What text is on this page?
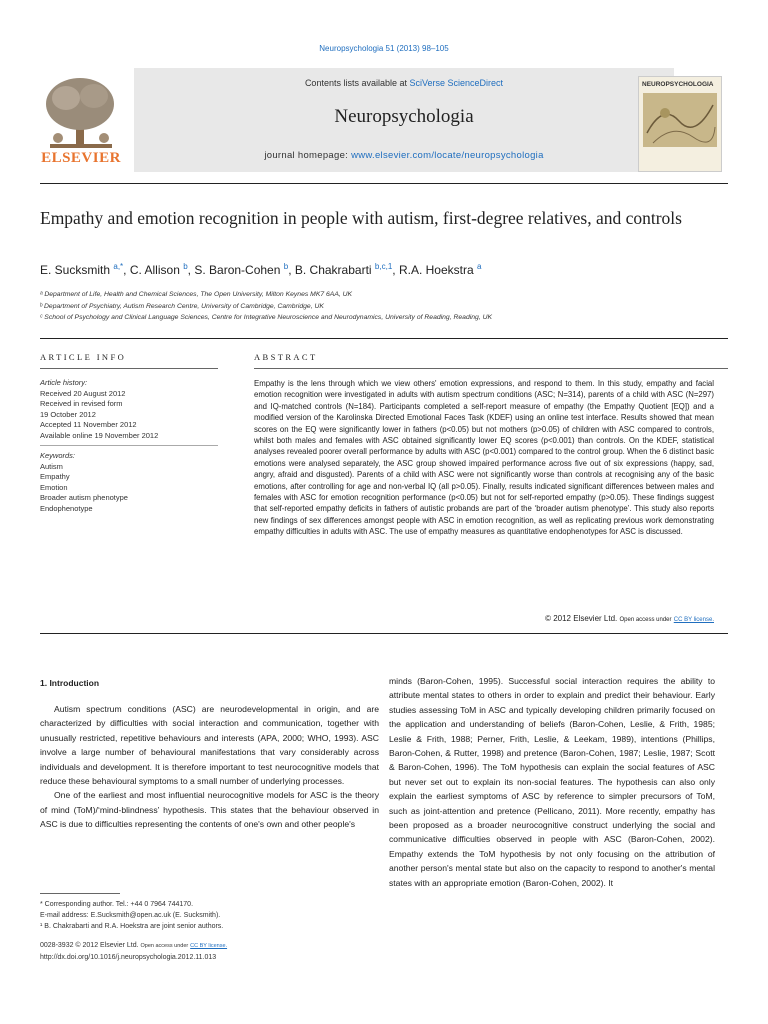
Neuropsychologia 51 (2013) 98–105
ELSEVIER
Contents lists available at SciVerse ScienceDirect
Neuropsychologia
journal homepage: www.elsevier.com/locate/neuropsychologia
NEUROPSYCHOLOGIA
Empathy and emotion recognition in people with autism, first-degree relatives, and controls
E. Sucksmith $^{a,*}$, C. Allison $^b$, S. Baron-Cohen $^b$, B. Chakrabarti $^{b,c,1}$, R.A. Hoekstra $^a$
ᵃ Department of Life, Health and Chemical Sciences, The Open University, Milton Keynes MK7 6AA, UK
ᵇ Department of Psychiatry, Autism Research Centre, University of Cambridge, Cambridge, UK
ᶜ School of Psychology and Clinical Language Sciences, Centre for Integrative Neuroscience and Neurodynamics, University of Reading, Reading, UK
ARTICLE INFO	ABSTRACT
Article history:
Received 20 August 2012
Received in revised form
19 October 2012
Accepted 11 November 2012
Available online 19 November 2012
Keywords:
Autism
Empathy
Emotion
Broader autism phenotype
Endophenotype
Empathy is the lens through which we view others' emotion expressions, and respond to them. In this study, empathy and facial emotion recognition were investigated in adults with autism spectrum conditions (ASC; N=314), parents of a child with ASC (N=297) and IQ-matched controls (N=184). Participants completed a self-report measure of empathy (the Empathy Quotient [EQ]) and a modified version of the Karolinska Directed Emotional Faces Task (KDEF) using an online test interface. Results showed that mean scores on the EQ were significantly lower in fathers (p<0.05) but not mothers (p>0.05) of children with ASC compared to controls, whilst both males and females with ASC obtained significantly lower EQ scores (p<0.001) than controls. On the KDEF, statistical analyses revealed poorer overall performance by adults with ASC (p<0.001) compared to the control group. When the 6 distinct basic emotions were analysed separately, the ASC group showed impaired performance across five out of six expressions (happy, sad, angry, afraid and disgusted). Parents of a child with ASC were not significantly worse than controls at recognising any of the basic emotions, after controlling for age and non-verbal IQ (all p>0.05). Finally, results indicated significant differences between males and females with ASC for emotion recognition performance (p<0.05) but not for self-reported empathy (p>0.05). These findings suggest that self-reported empathy deficits in fathers of autistic probands are part of the ‘broader autism phenotype’. This study also reports new findings of sex differences amongst people with ASC in emotion recognition, as well as replicating previous work demonstrating empathy difficulties in adults with ASC. The use of empathy measures as quantitative endophenotypes for ASC is discussed.
© 2012 Elsevier Ltd. Open access under CC BY license.
1. Introduction

Autism spectrum conditions (ASC) are neurodevelopmental in origin, and are characterized by difficulties with social interaction and communication, together with unusually restricted, repetitive behaviours and interests (APA, 2000; WHO, 1993). ASC involve a large number of behavioural manifestations that vary considerably across individuals and development. It is therefore important to test neurocognitive models that reduce these behavioural symptoms to a small number of underlying processes.

One of the earliest and most influential neurocognitive models for ASC is the theory of mind (ToM)/‘mind-blindness’ hypothesis. This states that the behaviour observed in ASC is due to difficulties representing the contents of one's own and other people's

minds (Baron-Cohen, 1995). Successful social interaction requires the ability to attribute mental states to others in order to explain and predict their behaviour. Early studies assessing ToM in ASC and typically developing children primarily focused on the application and understanding of beliefs (Baron-Cohen, Leslie, & Frith, 1985; Leslie & Frith, 1988; Perner, Frith, Leslie, & Leekam, 1989), intentions (Phillips, Baron-Cohen, & Rutter, 1998) and pretence (Baron-Cohen, 1987; Leslie, 1987; Scott & Baron-Cohen, 1996). The ToM hypothesis can explain the social features of ASC but never set out to explain its non-social features. The hypothesis can also only explain the earliest symptoms of ASC by reference to simpler precursors of ToM, such as joint-attention and pretence (Pellicano, 2011). More recently, empathy has been proposed as a broader neurocognitive construct underlying the social and communicative difficulties observed in people with ASC (Baron-Cohen, 2002). Empathy extends the ToM hypothesis by not only focusing on the attribution of another person's mental state but also on the capacity to respond to another's mental states with an appropriate emotion (Baron-Cohen, 2002). It

* Corresponding author. Tel.: +44 0 7964 744170.
E-mail address: E.Sucksmith@open.ac.uk (E. Sucksmith).
¹ B. Chakrabarti and R.A. Hoekstra are joint senior authors.
0028-3932 © 2012 Elsevier Ltd. Open access under CC BY license.
http://dx.doi.org/10.1016/j.neuropsychologia.2012.11.013
